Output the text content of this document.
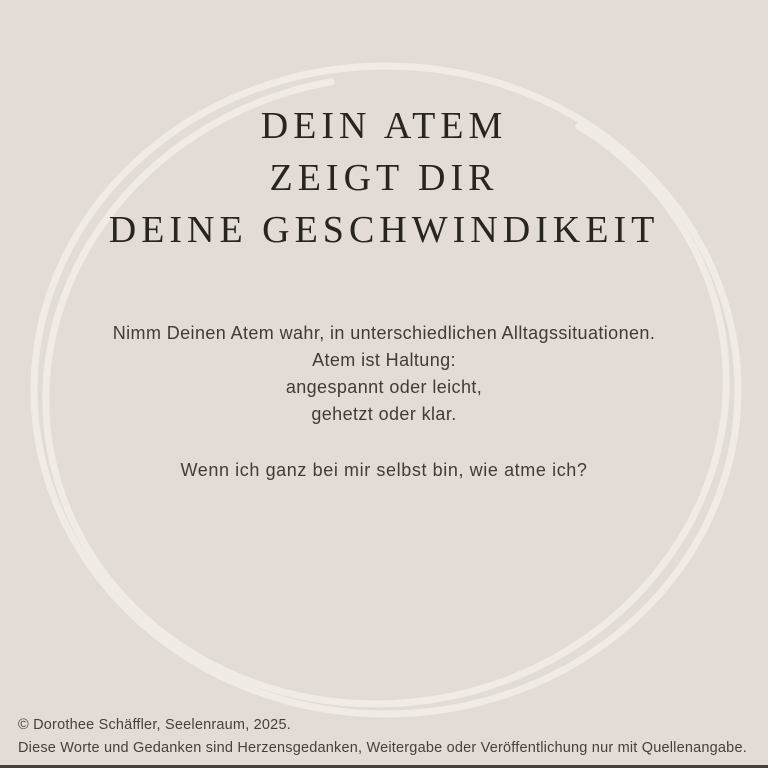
DEIN ATEM
ZEIGT DIR
DEINE GESCHWINDIKEIT
Nimm Deinen Atem wahr, in unterschiedlichen Alltagssituationen.
Atem ist Haltung:
angespannt oder leicht,
gehetzt oder klar.
Wenn ich ganz bei mir selbst bin, wie atme ich?
© Dorothee Schäffler, Seelenraum, 2025.
Diese Worte und Gedanken sind Herzensgedanken, Weitergabe oder Veröffentlichung nur mit Quellenangabe.
